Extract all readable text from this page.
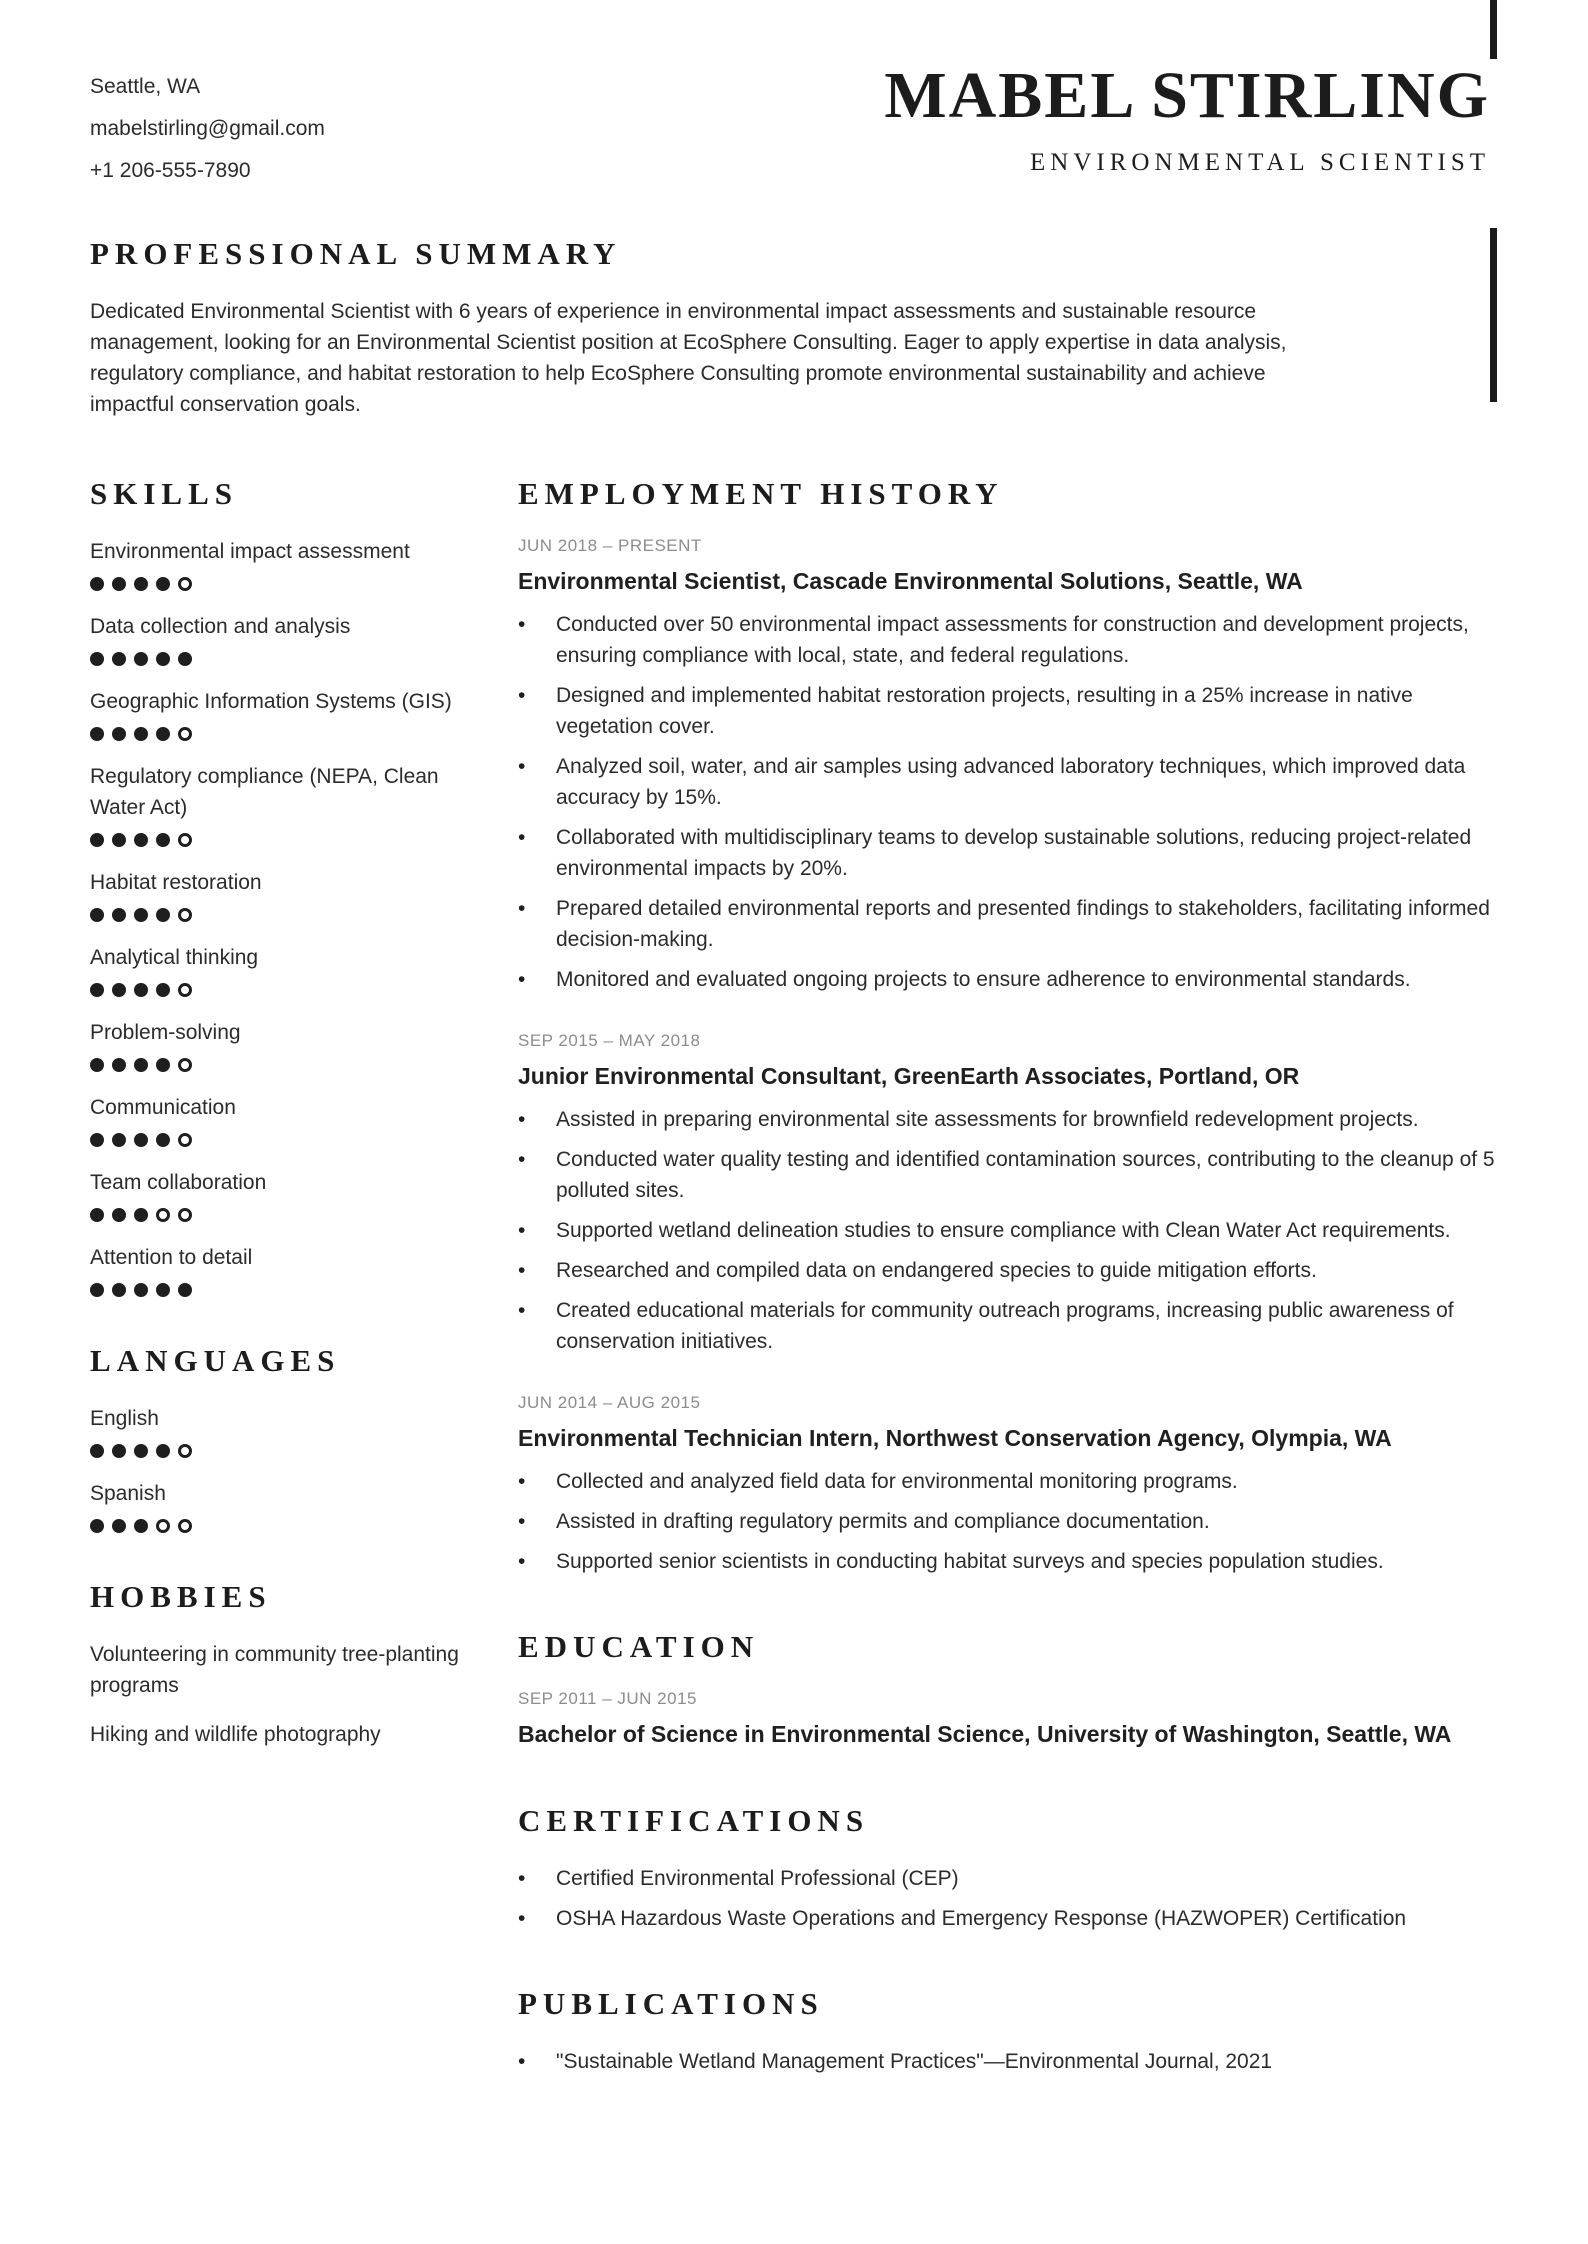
Seattle, WA
mabelstirling@gmail.com
+1 206-555-7890
MABEL STIRLING
ENVIRONMENTAL SCIENTIST
PROFESSIONAL SUMMARY

Dedicated Environmental Scientist with 6 years of experience in environmental impact assessments and sustainable resource management, looking for an Environmental Scientist position at EcoSphere Consulting. Eager to apply expertise in data analysis, regulatory compliance, and habitat restoration to help EcoSphere Consulting promote environmental sustainability and achieve impactful conservation goals.

SKILLS
Environmental impact assessment
Data collection and analysis
Geographic Information Systems (GIS)
Regulatory compliance (NEPA, Clean Water Act)
Habitat restoration
Analytical thinking
Problem-solving
Communication
Team collaboration
Attention to detail
LANGUAGES
English
Spanish
HOBBIES

Volunteering in community tree-planting programs

Hiking and wildlife photography

EMPLOYMENT HISTORY
JUN 2018 – PRESENT
Environmental Scientist, Cascade Environmental Solutions, Seattle, WA
•	Conducted over 50 environmental impact assessments for construction and development projects, ensuring compliance with local, state, and federal regulations.
•	Designed and implemented habitat restoration projects, resulting in a 25% increase in native vegetation cover.
•	Analyzed soil, water, and air samples using advanced laboratory techniques, which improved data accuracy by 15%.
•	Collaborated with multidisciplinary teams to develop sustainable solutions, reducing project-related environmental impacts by 20%.
•	Prepared detailed environmental reports and presented findings to stakeholders, facilitating informed decision-making.
•	Monitored and evaluated ongoing projects to ensure adherence to environmental standards.
SEP 2015 – MAY 2018
Junior Environmental Consultant, GreenEarth Associates, Portland, OR
•	Assisted in preparing environmental site assessments for brownfield redevelopment projects.
•	Conducted water quality testing and identified contamination sources, contributing to the cleanup of 5 polluted sites.
•	Supported wetland delineation studies to ensure compliance with Clean Water Act requirements.
•	Researched and compiled data on endangered species to guide mitigation efforts.
•	Created educational materials for community outreach programs, increasing public awareness of conservation initiatives.
JUN 2014 – AUG 2015
Environmental Technician Intern, Northwest Conservation Agency, Olympia, WA
•	Collected and analyzed field data for environmental monitoring programs.
•	Assisted in drafting regulatory permits and compliance documentation.
•	Supported senior scientists in conducting habitat surveys and species population studies.
EDUCATION
SEP 2011 – JUN 2015
Bachelor of Science in Environmental Science, University of Washington, Seattle, WA
CERTIFICATIONS
•	Certified Environmental Professional (CEP)
•	OSHA Hazardous Waste Operations and Emergency Response (HAZWOPER) Certification
PUBLICATIONS
•	"Sustainable Wetland Management Practices"—Environmental Journal, 2021
